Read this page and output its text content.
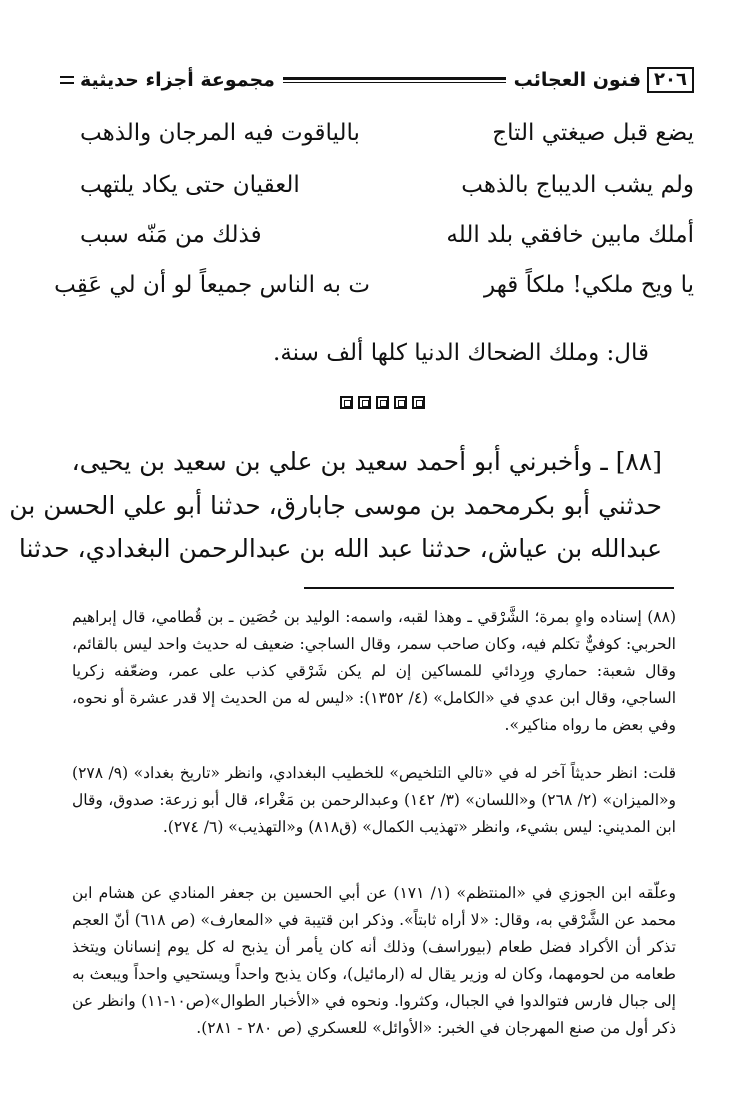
٢٠٦
فنون العجائب
مجموعة أجزاء حديثية
يضع قبل صيغتي التاج
بالياقوت فيه المرجان والذهب
ولم يشب الديباج بالذهب
العقيان حتى يكاد يلتهب
أملك مابين خافقي بلد الله
فذلك من مَنّه سبب
يا ويح ملكي! ملكاً قهر
ت به الناس جميعاً لو أن لي عَقِب
قال: وملك الضحاك الدنيا كلها ألف سنة.
[٨٨] ـ وأخبرني أبو أحمد سعيد بن علي بن سعيد بن يحيى،
حدثني أبو بكرمحمد بن موسى جابارق، حدثنا أبو علي الحسن بن
عبدالله بن عياش، حدثنا عبد الله بن عبدالرحمن البغدادي، حدثنا
(٨٨) إسناده واهٍ بمرة؛ الشَّرْقي ـ وهذا لقبه، واسمه: الوليد بن حُصَين ـ بن قُطامي، قال إبراهيم الحربي: كوفيٌّ تكلم فيه، وكان صاحب سمر، وقال الساجي: ضعيف له حديث واحد ليس بالقائم، وقال شعبة: حماري ورِدائي للمساكين إن لم يكن شَرْقي كذب على عمر، وضعّفه زكريا الساجي، وقال ابن عدي في «الكامل» (٤/ ١٣٥٢): «ليس له من الحديث إلا قدر عشرة أو نحوه، وفي بعض ما رواه مناكير».
قلت: انظر حديثاً آخر له في «تالي التلخيص» للخطيب البغدادي، وانظر «تاريخ بغداد» (٩/ ٢٧٨) و«الميزان» (٢/ ٢٦٨) و«اللسان» (٣/ ١٤٢) وعبدالرحمن بن مَغْراء، قال أبو زرعة: صدوق، وقال ابن المديني: ليس بشيء، وانظر «تهذيب الكمال» (ق٨١٨) و«التهذيب» (٦/ ٢٧٤).
وعلّقه ابن الجوزي في «المنتظم» (١/ ١٧١) عن أبي الحسين بن جعفر المنادي عن هشام ابن محمد عن الشَّرْقي به، وقال: «لا أراه ثابتاً». وذكر ابن قتيبة في «المعارف» (ص ٦١٨) أنّ العجم تذكر أن الأكراد فضل طعام (بيوراسف) وذلك أنه كان يأمر أن يذبح له كل يوم إنسانان ويتخذ طعامه من لحومهما، وكان له وزير يقال له (ارمائيل)، وكان يذبح واحداً ويستحيي واحداً ويبعث به إلى جبال فارس فتوالدوا في الجبال، وكثروا. ونحوه في «الأخبار الطوال»(ص١٠-١١) وانظر عن ذكر أول من صنع المهرجان في الخبر: «الأوائل» للعسكري (ص ٢٨٠ - ٢٨١).
